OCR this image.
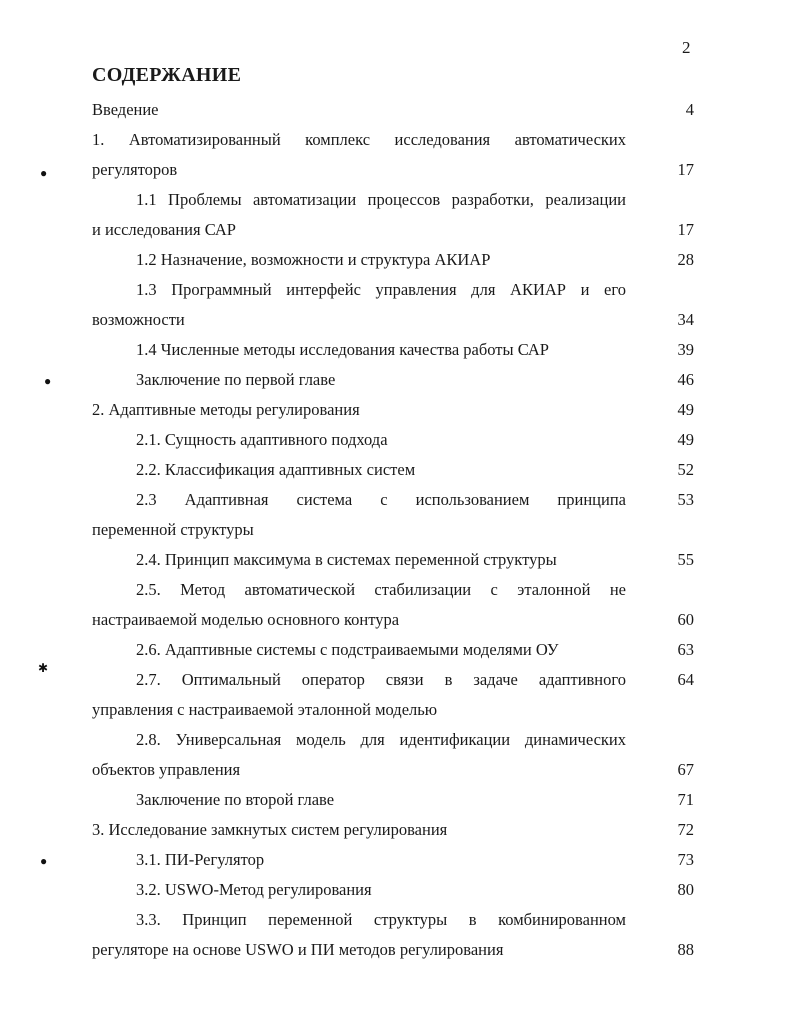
2
СОДЕРЖАНИЕ
Введение	4
1. Автоматизированный комплекс исследования автоматических
регуляторов	17
1.1 Проблемы автоматизации процессов разработки, реализации
и исследования САР	17
1.2 Назначение, возможности и структура АКИАР	28
1.3 Программный интерфейс управления для АКИАР и его
возможности	34
1.4 Численные методы исследования качества работы САР	39
Заключение по первой главе	46
2. Адаптивные методы регулирования	49
2.1. Сущность адаптивного подхода	49
2.2. Классификация адаптивных систем	52
2.3 Адаптивная система с использованием принципа	53
переменной структуры
2.4. Принцип максимума в системах переменной структуры	55
2.5. Метод автоматической стабилизации с эталонной не
настраиваемой моделью основного контура	60
2.6. Адаптивные системы с подстраиваемыми моделями ОУ	63
2.7. Оптимальный оператор связи в задаче адаптивного	64
управления с настраиваемой эталонной моделью
2.8. Универсальная модель для идентификации динамических
объектов управления	67
Заключение по второй главе	71
3. Исследование замкнутых систем регулирования	72
3.1. ПИ-Регулятор	73
3.2. USWO-Метод регулирования	80
3.3. Принцип переменной структуры в комбинированном
регуляторе на основе USWO и ПИ методов регулирования	88
●
●
✱
●
